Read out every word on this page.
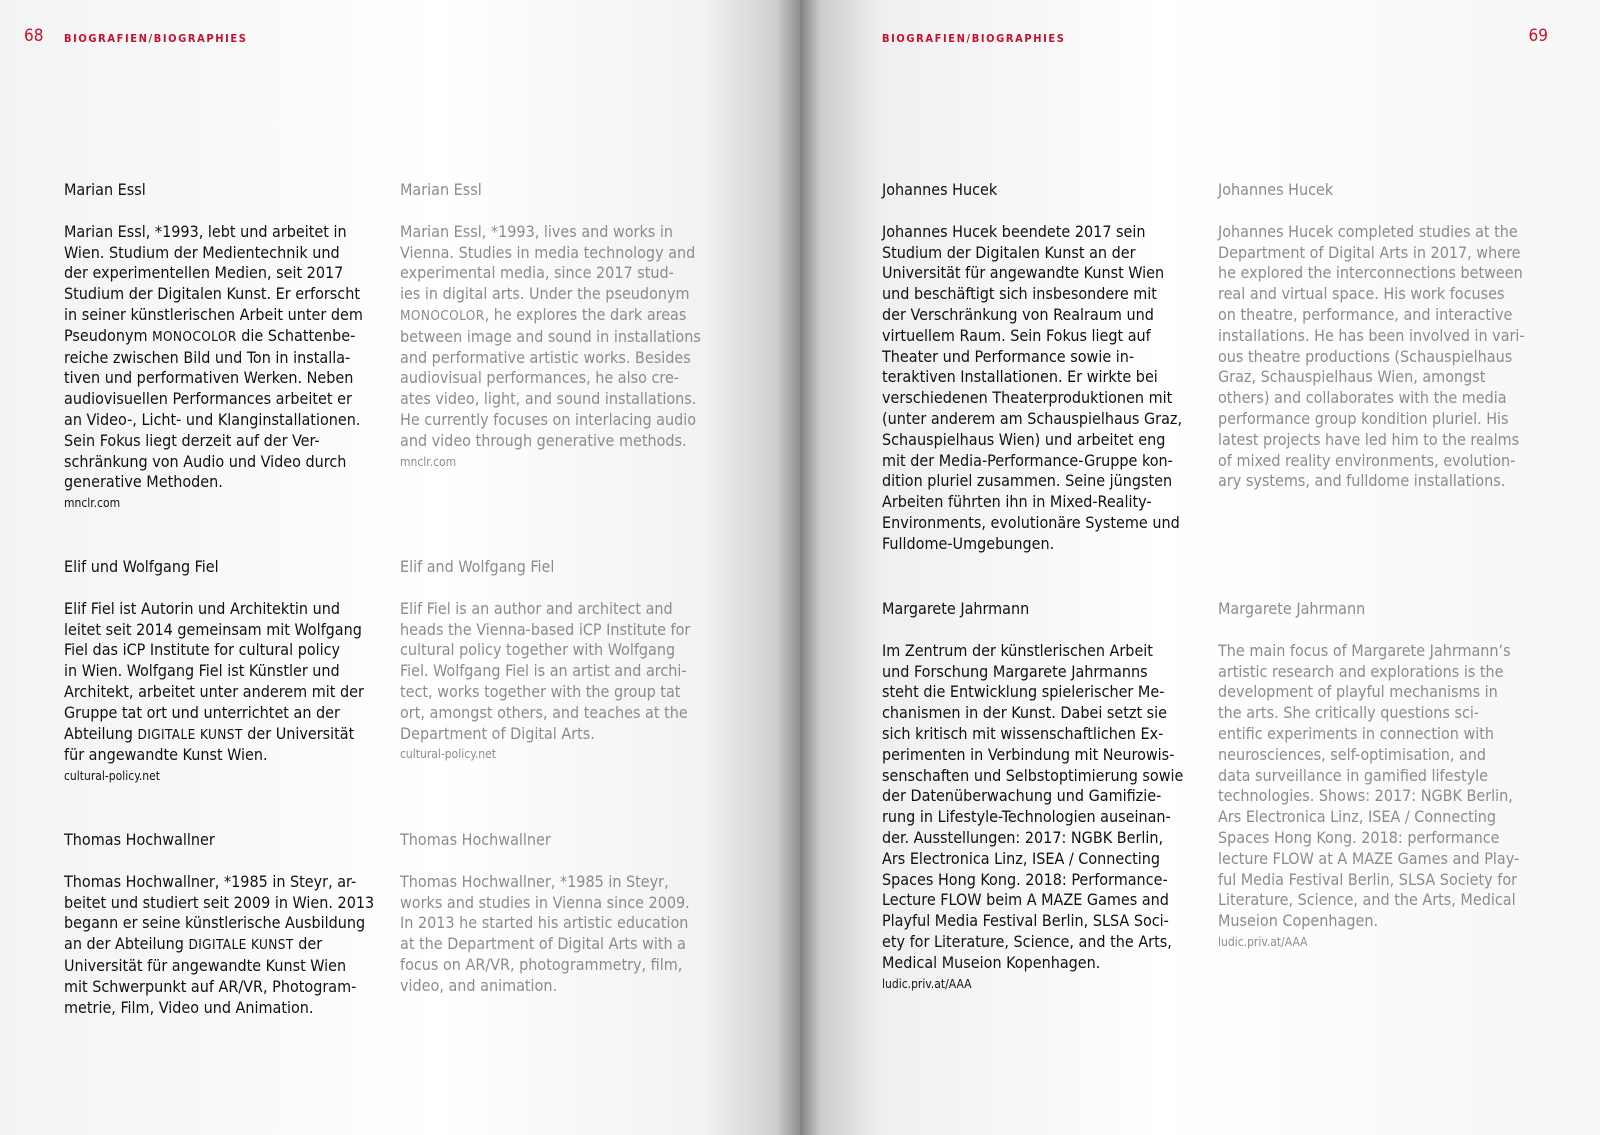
68 BIOGRAFIEN/BIOGRAPHIES
Marian Essl
Marian Essl, *1993, lebt und arbeitet in
Wien. Studium der Medientechnik und
der experimentellen Medien, seit 2017
Studium der Digitalen Kunst. Er erforscht
in seiner künstlerischen Arbeit unter dem
Pseudonym MONOCOLOR die Schattenbe-
reiche zwischen Bild und Ton in installa-
tiven und performativen Werken. Neben
audiovisuellen Performances arbeitet er
an Video-, Licht- und Klanginstallationen.
Sein Fokus liegt derzeit auf der Ver-
schränkung von Audio und Video durch
generative Methoden.
mnclr.com
Marian Essl
Marian Essl, *1993, lives and works in
Vienna. Studies in media technology and
experimental media, since 2017 stud-
ies in digital arts. Under the pseudonym
MONOCOLOR, he explores the dark areas
between image and sound in installations
and performative artistic works. Besides
audiovisual performances, he also cre-
ates video, light, and sound installations.
He currently focuses on interlacing audio
and video through generative methods.
mnclr.com
Elif und Wolfgang Fiel
Elif Fiel ist Autorin und Architektin und
leitet seit 2014 gemeinsam mit Wolfgang
Fiel das iCP Institute for cultural policy
in Wien. Wolfgang Fiel ist Künstler und
Architekt, arbeitet unter anderem mit der
Gruppe tat ort und unterrichtet an der
Abteilung DIGITALE KUNST der Universität
für angewandte Kunst Wien.
cultural-policy.net
Elif and Wolfgang Fiel
Elif Fiel is an author and architect and
heads the Vienna-based iCP Institute for
cultural policy together with Wolfgang
Fiel. Wolfgang Fiel is an artist and archi-
tect, works together with the group tat
ort, amongst others, and teaches at the
Department of Digital Arts.
cultural-policy.net
Thomas Hochwallner
Thomas Hochwallner, *1985 in Steyr, ar-
beitet und studiert seit 2009 in Wien. 2013
begann er seine künstlerische Ausbildung
an der Abteilung DIGITALE KUNST der
Universität für angewandte Kunst Wien
mit Schwerpunkt auf AR/VR, Photogram-
metrie, Film, Video und Animation.
Thomas Hochwallner
Thomas Hochwallner, *1985 in Steyr,
works and studies in Vienna since 2009.
In 2013 he started his artistic education
at the Department of Digital Arts with a
focus on AR/VR, photogrammetry, film,
video, and animation.
BIOGRAFIEN/BIOGRAPHIES	69
Johannes Hucek
Johannes Hucek beendete 2017 sein
Studium der Digitalen Kunst an der
Universität für angewandte Kunst Wien
und beschäftigt sich insbesondere mit
der Verschränkung von Realraum und
virtuellem Raum. Sein Fokus liegt auf
Theater und Performance sowie in-
teraktiven Installationen. Er wirkte bei
verschiedenen Theaterproduktionen mit
(unter anderem am Schauspielhaus Graz,
Schauspielhaus Wien) und arbeitet eng
mit der Media-Performance-Gruppe kon-
dition pluriel zusammen. Seine jüngsten
Arbeiten führten ihn in Mixed-Reality-
Environments, evolutionäre Systeme und
Fulldome-Umgebungen.
Johannes Hucek
Johannes Hucek completed studies at the
Department of Digital Arts in 2017, where
he explored the interconnections between
real and virtual space. His work focuses
on theatre, performance, and interactive
installations. He has been involved in vari-
ous theatre productions (Schauspielhaus
Graz, Schauspielhaus Wien, amongst
others) and collaborates with the media
performance group kondition pluriel. His
latest projects have led him to the realms
of mixed reality environments, evolution-
ary systems, and fulldome installations.
Margarete Jahrmann
Im Zentrum der künstlerischen Arbeit
und Forschung Margarete Jahrmanns
steht die Entwicklung spielerischer Me-
chanismen in der Kunst. Dabei setzt sie
sich kritisch mit wissenschaftlichen Ex-
perimenten in Verbindung mit Neurowis-
senschaften und Selbstoptimierung sowie
der Datenüberwachung und Gamifizie-
rung in Lifestyle-Technologien auseinan-
der. Ausstellungen: 2017: NGBK Berlin,
Ars Electronica Linz, ISEA / Connecting
Spaces Hong Kong. 2018: Performance-
Lecture FLOW beim A MAZE Games and
Playful Media Festival Berlin, SLSA Soci-
ety for Literature, Science, and the Arts,
Medical Museion Kopenhagen.
ludic.priv.at/AAA
Margarete Jahrmann
The main focus of Margarete Jahrmann’s
artistic research and explorations is the
development of playful mechanisms in
the arts. She critically questions sci-
entific experiments in connection with
neurosciences, self-optimisation, and
data surveillance in gamified lifestyle
technologies. Shows: 2017: NGBK Berlin,
Ars Electronica Linz, ISEA / Connecting
Spaces Hong Kong. 2018: performance
lecture FLOW at A MAZE Games and Play-
ful Media Festival Berlin, SLSA Society for
Literature, Science, and the Arts, Medical
Museion Copenhagen.
ludic.priv.at/AAA
